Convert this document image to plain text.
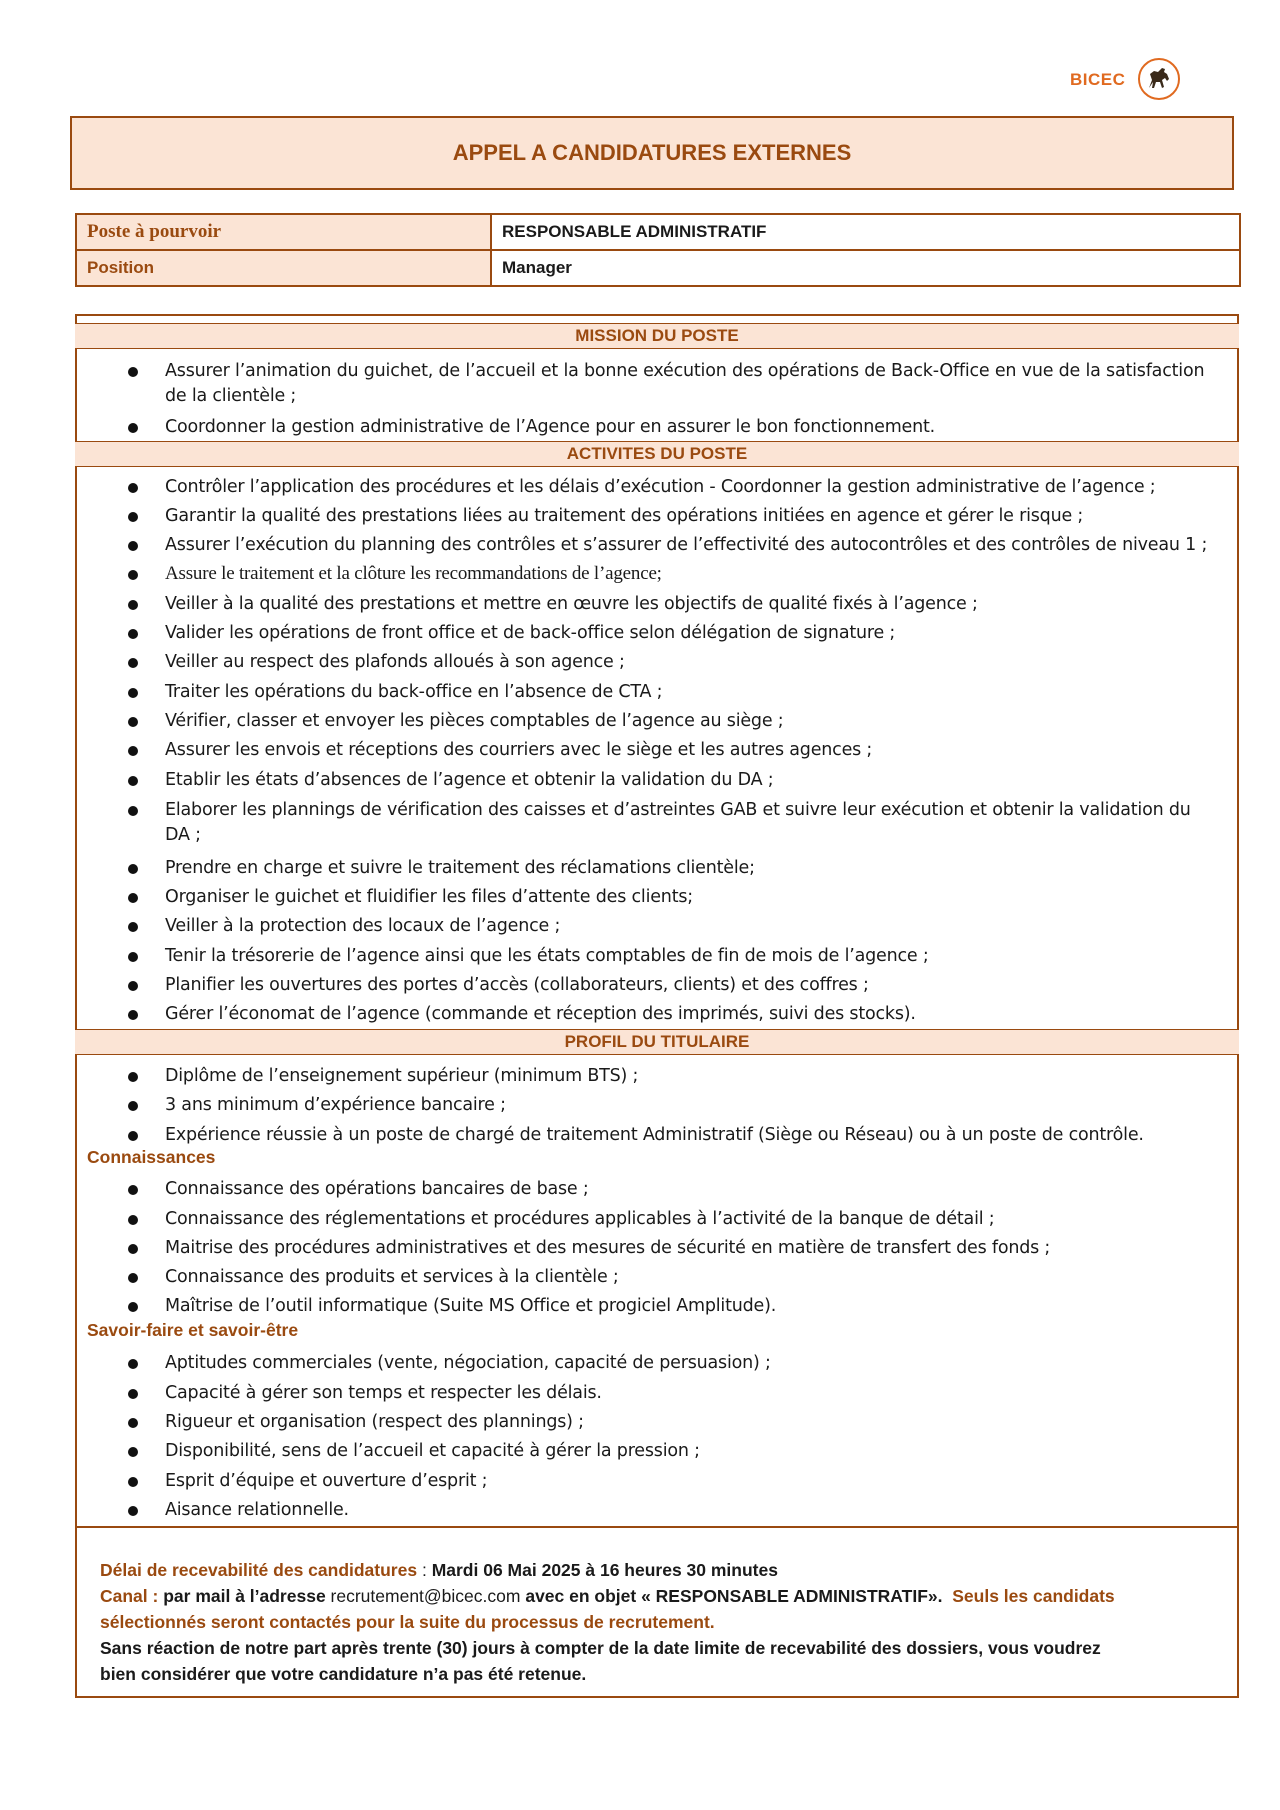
BICEC
APPEL A CANDIDATURES EXTERNES
Poste à pourvoir	RESPONSABLE ADMINISTRATIF
Position	Manager
MISSION DU POSTE
Assurer l’animation du guichet, de l’accueil et la bonne exécution des opérations de Back-Office en vue de la satisfaction
de la clientèle ;
Coordonner la gestion administrative de l’Agence pour en assurer le bon fonctionnement.
ACTIVITES DU POSTE
Contrôler l’application des procédures et les délais d’exécution - Coordonner la gestion administrative de l’agence ;
Garantir la qualité des prestations liées au traitement des opérations initiées en agence et gérer le risque ;
Assurer l’exécution du planning des contrôles et s’assurer de l’effectivité des autocontrôles et des contrôles de niveau 1 ;
Assure le traitement et la clôture les recommandations de l’agence;
Veiller à la qualité des prestations et mettre en œuvre les objectifs de qualité fixés à l’agence ;
Valider les opérations de front office et de back-office selon délégation de signature ;
Veiller au respect des plafonds alloués à son agence ;
Traiter les opérations du back-office en l’absence de CTA ;
Vérifier, classer et envoyer les pièces comptables de l’agence au siège ;
Assurer les envois et réceptions des courriers avec le siège et les autres agences ;
Etablir les états d’absences de l’agence et obtenir la validation du DA ;
Elaborer les plannings de vérification des caisses et d’astreintes GAB et suivre leur exécution et obtenir la validation du
DA ;
Prendre en charge et suivre le traitement des réclamations clientèle;
Organiser le guichet et fluidifier les files d’attente des clients;
Veiller à la protection des locaux de l’agence ;
Tenir la trésorerie de l’agence ainsi que les états comptables de fin de mois de l’agence ;
Planifier les ouvertures des portes d’accès (collaborateurs, clients) et des coffres ;
Gérer l’économat de l’agence (commande et réception des imprimés, suivi des stocks).
PROFIL DU TITULAIRE
Diplôme de l’enseignement supérieur (minimum BTS) ;
3 ans minimum d’expérience bancaire ;
Expérience réussie à un poste de chargé de traitement Administratif (Siège ou Réseau) ou à un poste de contrôle.
Connaissances
Connaissance des opérations bancaires de base ;
Connaissance des réglementations et procédures applicables à l’activité de la banque de détail ;
Maitrise des procédures administratives et des mesures de sécurité en matière de transfert des fonds ;
Connaissance des produits et services à la clientèle ;
Maîtrise de l’outil informatique (Suite MS Office et progiciel Amplitude).
Savoir-faire et savoir-être
Aptitudes commerciales (vente, négociation, capacité de persuasion) ;
Capacité à gérer son temps et respecter les délais.
Rigueur et organisation (respect des plannings) ;
Disponibilité, sens de l’accueil et capacité à gérer la pression ;
Esprit d’équipe et ouverture d’esprit ;
Aisance relationnelle.
Délai de recevabilité des candidatures : Mardi 06 Mai 2025 à 16 heures 30 minutes
Canal : par mail à l’adresse recrutement@bicec.com avec en objet « RESPONSABLE ADMINISTRATIF». Seuls les candidats
sélectionnés seront contactés pour la suite du processus de recrutement.
Sans réaction de notre part après trente (30) jours à compter de la date limite de recevabilité des dossiers, vous voudrez
bien considérer que votre candidature n’a pas été retenue.
